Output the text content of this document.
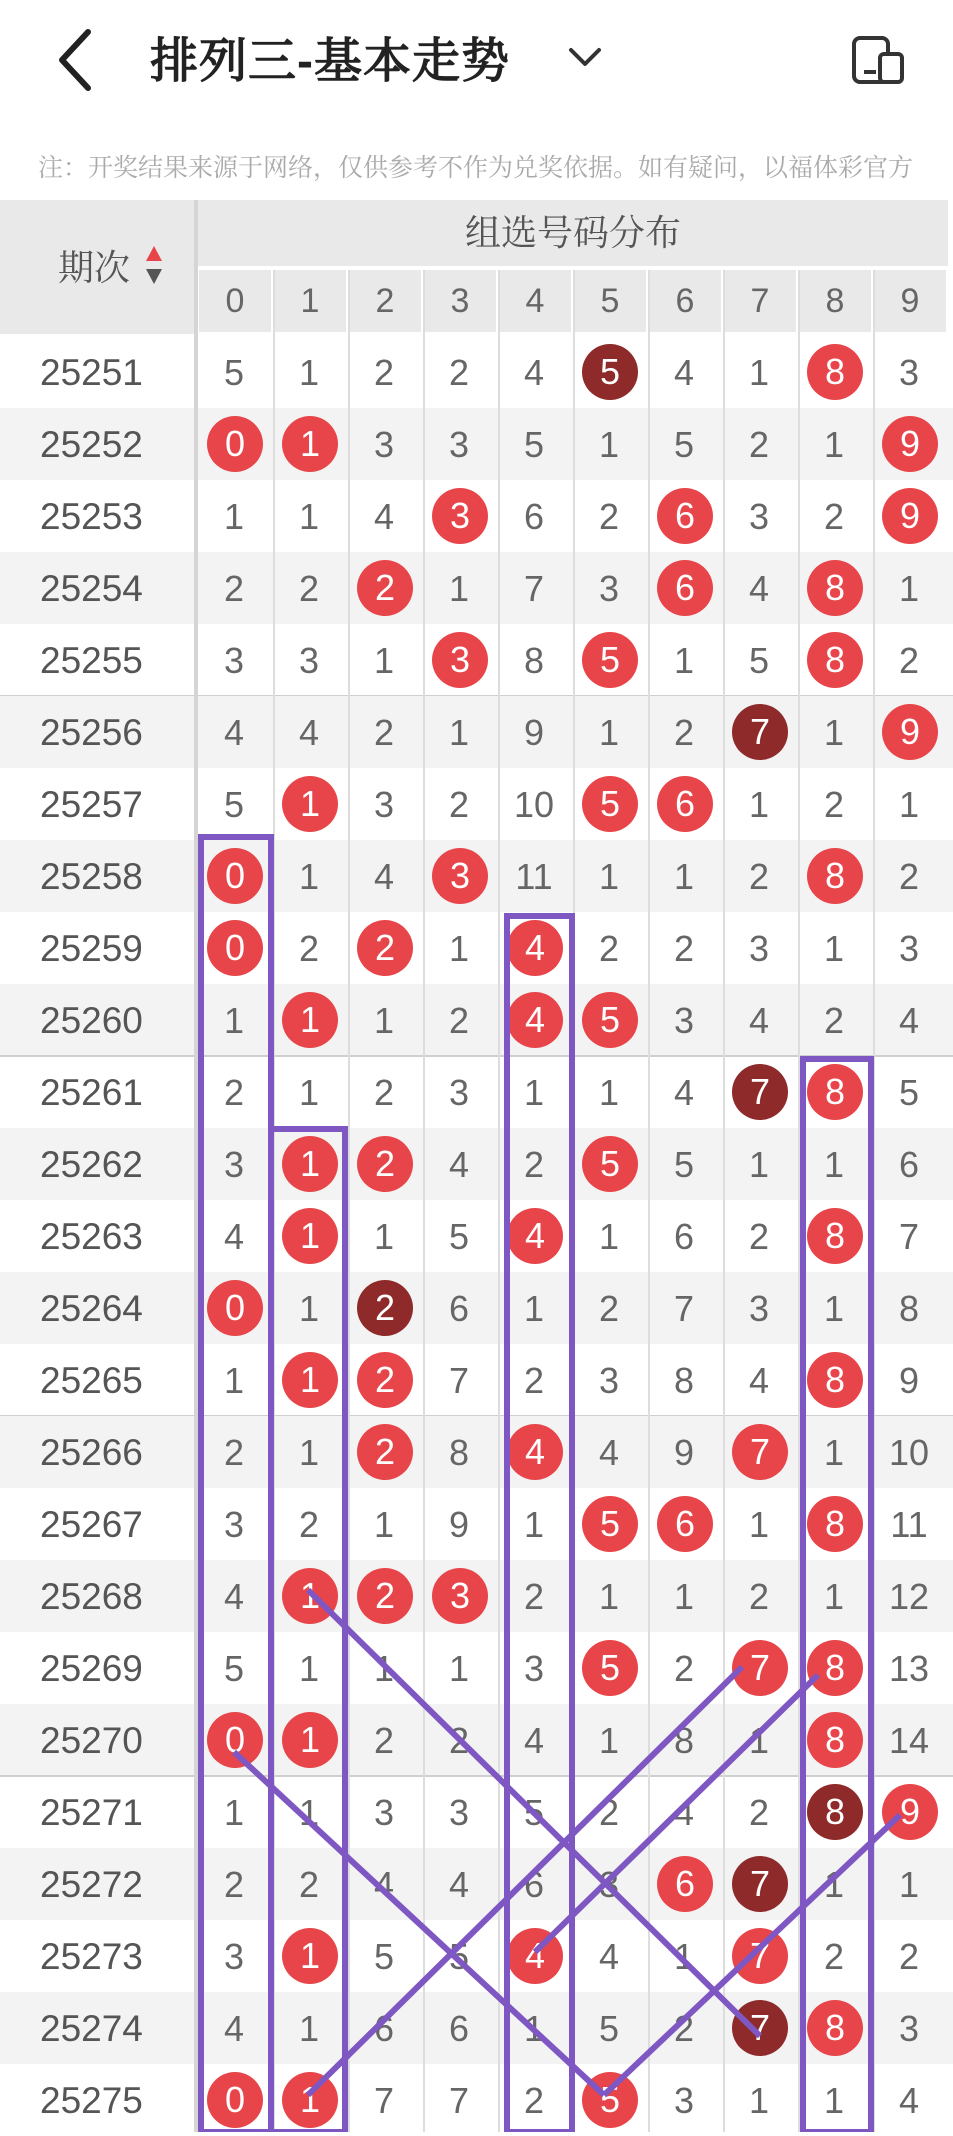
排列三-基本走势
注：开奖结果来源于网络，仅供参考不作为兑奖依据。如有疑问，以福体彩官方
期次
组选号码分布
0	1	2	3	4	5	6	7	8	9
25251	5	1	2	2	4	5	4	1	8	3
25252	0	1	3	3	5	1	5	2	1	9
25253	1	1	4	3	6	2	6	3	2	9
25254	2	2	2	1	7	3	6	4	8	1
25255	3	3	1	3	8	5	1	5	8	2
25256	4	4	2	1	9	1	2	7	1	9
25257	5	1	3	2	10	5	6	1	2	1
25258	0	1	4	3	11	1	1	2	8	2
25259	0	2	2	1	4	2	2	3	1	3
25260	1	1	1	2	4	5	3	4	2	4
25261	2	1	2	3	1	1	4	7	8	5
25262	3	1	2	4	2	5	5	1	1	6
25263	4	1	1	5	4	1	6	2	8	7
25264	0	1	2	6	1	2	7	3	1	8
25265	1	1	2	7	2	3	8	4	8	9
25266	2	1	2	8	4	4	9	7	1	10
25267	3	2	1	9	1	5	6	1	8	11
25268	4	1	2	3	2	1	1	2	1	12
25269	5	1	1	1	3	5	2	7	8	13
25270	0	1	2	2	4	1	8	1	8	14
25271	1	1	3	3	5	2	4	2	8	9
25272	2	2	4	4	6	3	6	7	1	1
25273	3	1	5	5	4	4	1	7	2	2
25274	4	1	6	6	1	5	2	7	8	3
25275	0	1	7	7	2	5	3	1	1	4
